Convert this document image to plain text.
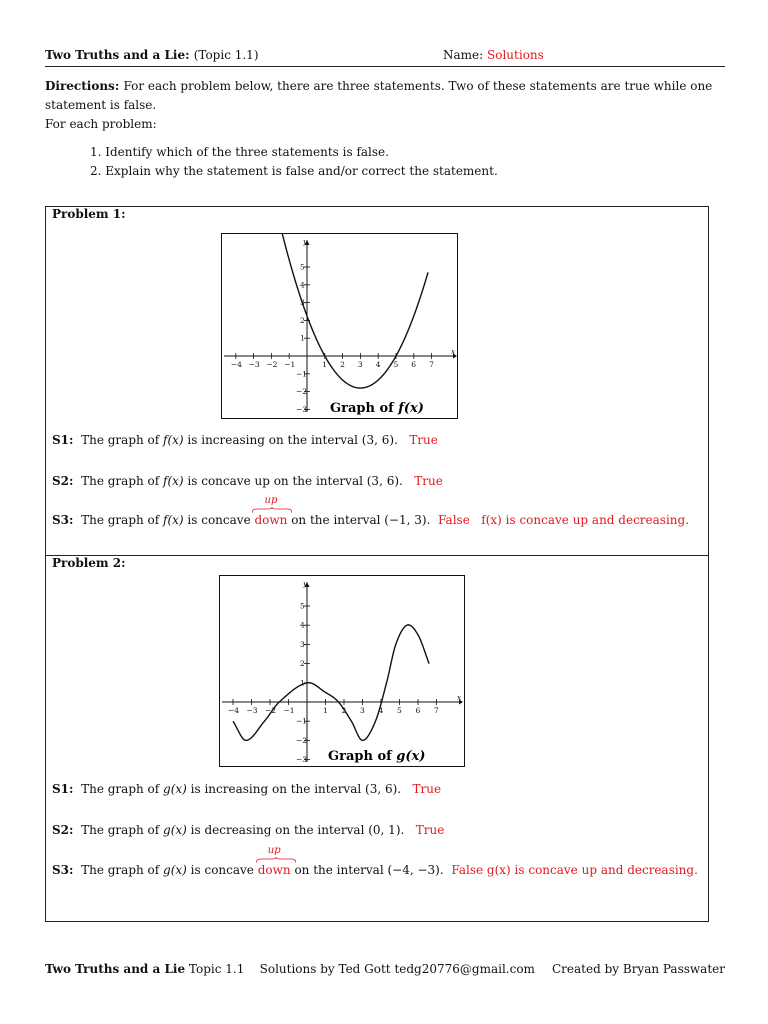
Two Truths and a Lie: (Topic 1.1)	Name: Solutions
Directions: For each problem below, there are three statements. Two of these statements are true while one
statement is false.
For each problem:
1. Identify which of the three statements is false.
2. Explain why the statement is false and/or correct the statement.
Problem 1:
x
y
−4 −3 −2 −1	1 2 3 4 5 6 7
5
4
3
2
1
−1
−2
−3 Graph of f(x)
S1: The graph of f(x) is increasing on the interval (3, 6). True
S2: The graph of f(x) is concave up on the interval (3, 6). True
S3: The graph of f(x) is concave
up
down on the interval (−1, 3). False f(x) is concave up and decreasing.
Problem 2:
x
y
−4 −3 −2 −1	1 2 3 4 5 6 7
5
4
3
2
1
−1
−2
−3 Graph of g(x)
S1: The graph of g(x) is increasing on the interval (3, 6). True
S2: The graph of g(x) is decreasing on the interval (0, 1). True
S3: The graph of g(x) is concave
up
down on the interval (−4, −3). False g(x) is concave up and decreasing.
Two Truths and a Lie Topic 1.1 Solutions by Ted Gott tedg20776@gmail.com Created by Bryan Passwater
